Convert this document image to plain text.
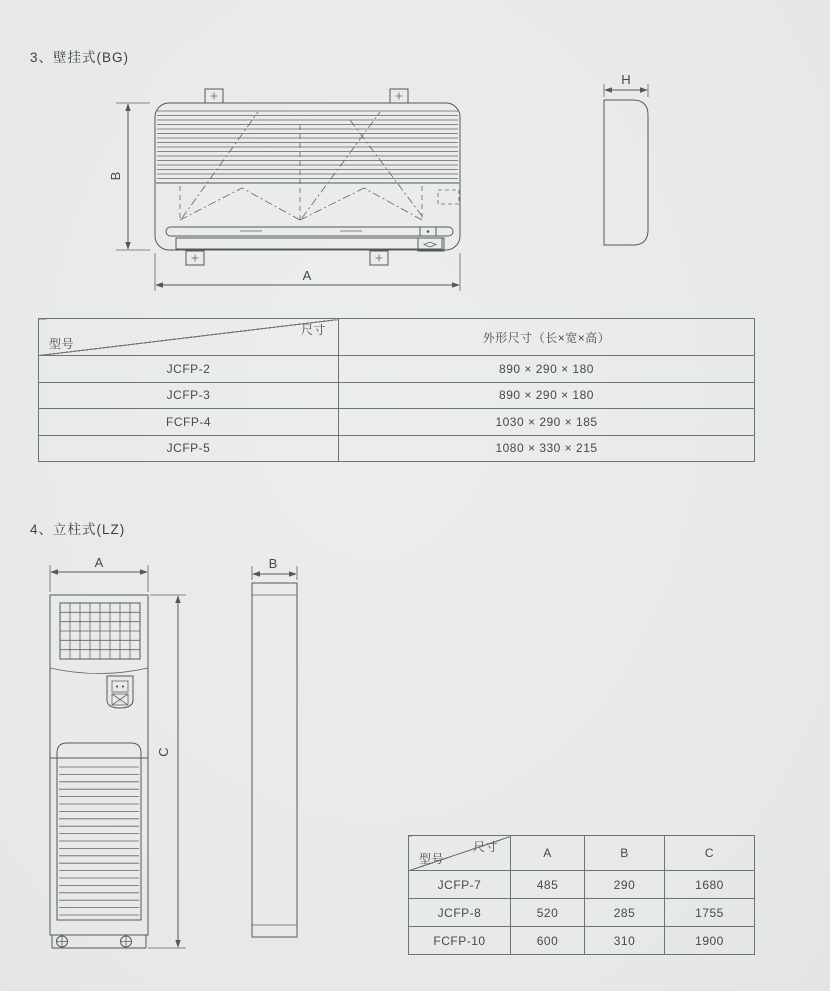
3、壁挂式(BG)
4、立柱式(LZ)
B
A
H
A
C
B
尺寸
型号	外形尺寸（长×宽×高）
JCFP-2	890 × 290 × 180
JCFP-3	890 × 290 × 180
FCFP-4	1030 × 290 × 185
JCFP-5	1080 × 330 × 215
尺寸
型号	A	B	C
JCFP-7	485	290	1680
JCFP-8	520	285	1755
FCFP-10	600	310	1900
